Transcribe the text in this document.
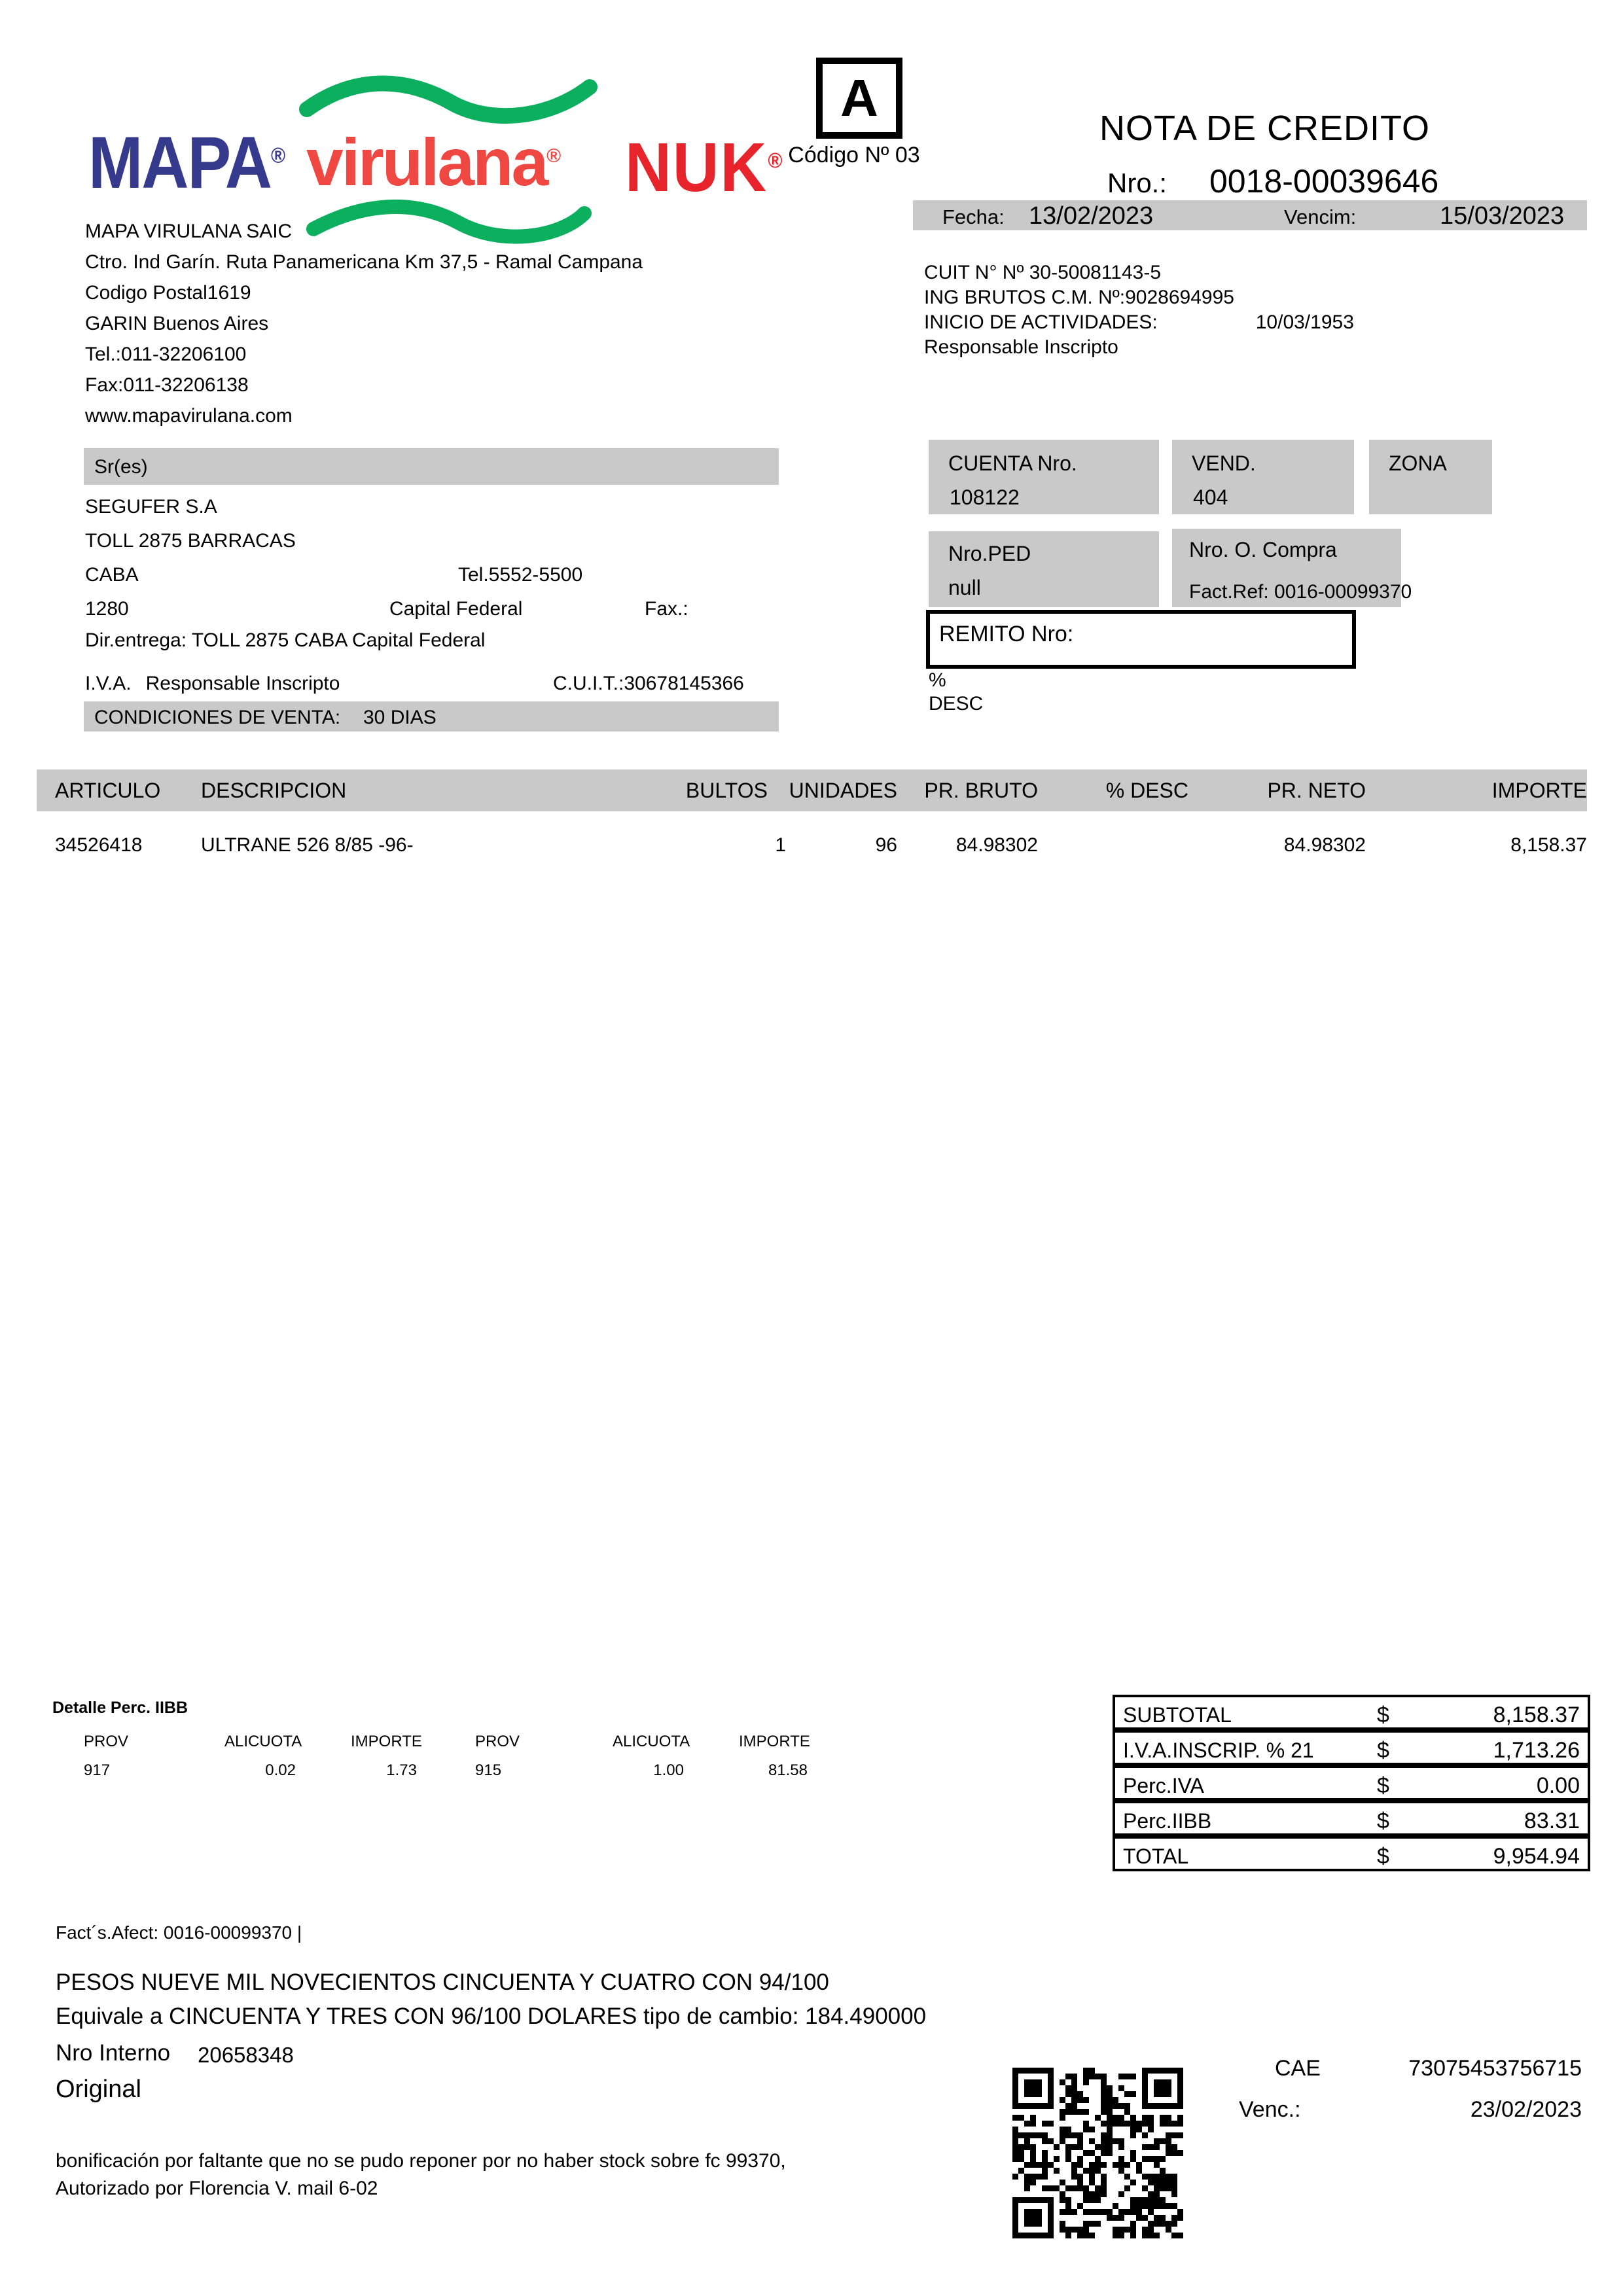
MAPA® virulana® NUK®
A
Código Nº 03
NOTA DE CREDITO
Nro.: 0018-00039646
Fecha: 13/02/2023	Vencim:	15/03/2023
MAPA VIRULANA SAIC
Ctro. Ind Garín. Ruta Panamericana Km 37,5 - Ramal Campana
Codigo Postal1619
GARIN Buenos Aires
Tel.:011-32206100
Fax:011-32206138
www.mapavirulana.com
CUIT N° Nº 30-50081143-5
ING BRUTOS C.M. Nº:9028694995
INICIO DE ACTIVIDADES:	10/03/1953
Responsable Inscripto
Sr(es)
SEGUFER S.A
TOLL 2875 BARRACAS
CABA	Tel.5552-5500
1280	Capital Federal	Fax.:
Dir.entrega: TOLL 2875 CABA Capital Federal
I.V.A. Responsable Inscripto	C.U.I.T.:30678145366
CONDICIONES DE VENTA: 30 DIAS
CUENTA Nro.
108122
VEND.
404
ZONA
Nro.PED
null
Nro. O. Compra
Fact.Ref: 0016-00099370
REMITO Nro:
%
DESC
ARTICULO DESCRIPCION	BULTOS UNIDADES PR. BRUTO	% DESC	PR. NETO	IMPORTE
34526418	ULTRANE 526 8/85 -96-	1	96	84.98302	84.98302	8,158.37
Detalle Perc. IIBB
PROV	ALICUOTA	IMPORTE	PROV	ALICUOTA	IMPORTE
917	0.02	1.73	915	1.00	81.58
SUBTOTAL	$	8,158.37
I.V.A.INSCRIP. % 21	$	1,713.26
Perc.IVA	$	0.00
Perc.IIBB	$	83.31
TOTAL	$	9,954.94
Fact´s.Afect: 0016-00099370 |
PESOS NUEVE MIL NOVECIENTOS CINCUENTA Y CUATRO CON 94/100
Equivale a CINCUENTA Y TRES CON 96/100 DOLARES tipo de cambio: 184.490000
Nro Interno 20658348
Original
bonificación por faltante que no se pudo reponer por no haber stock sobre fc 99370,
Autorizado por Florencia V. mail 6-02
CAE	73075453756715
Venc.:	23/02/2023
